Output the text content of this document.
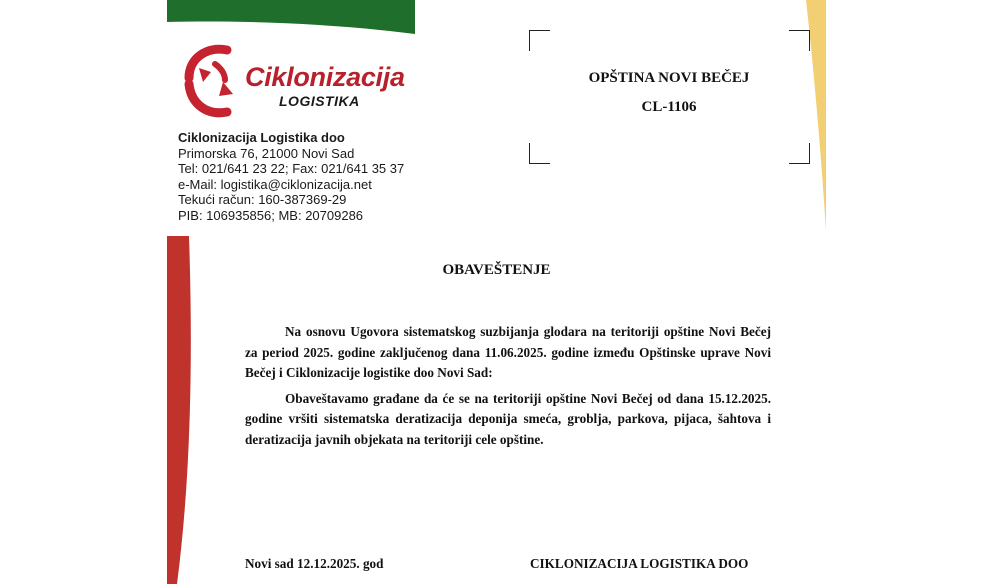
Ciklonizacija
LOGISTIKA
Ciklonizacija Logistika doo
Primorska 76, 21000 Novi Sad
Tel: 021/641 23 22; Fax: 021/641 35 37
e-Mail: logistika@ciklonizacija.net
Tekući račun: 160-387369-29
PIB: 106935856; MB: 20709286
OPŠTINA NOVI BEČEJ
CL-1106
OBAVEŠTENJE

Na osnovu Ugovora sistematskog suzbijanja glodara na teritoriji opštine Novi Bečej za period 2025. godine zaključenog dana 11.06.2025. godine između Opštinske uprave Novi Bečej i Ciklonizacije logistike doo Novi Sad:

Obaveštavamo građane da će se na teritoriji opštine Novi Bečej od dana 15.12.2025. godine vršiti sistematska deratizacija deponija smeća, groblja, parkova, pijaca, šahtova i deratizacija javnih objekata na teritoriji cele opštine.

Novi sad 12.12.2025. god	CIKLONIZACIJA LOGISTIKA DOO
